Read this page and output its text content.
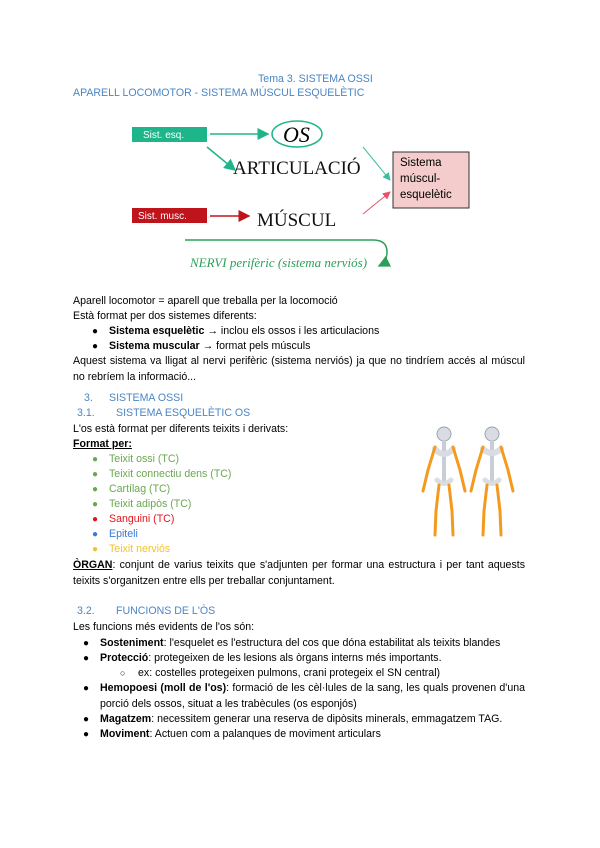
Tema 3. SISTEMA OSSI
APARELL LOCOMOTOR - SISTEMA MÚSCUL ESQUELÈTIC
Sist. esq.	OS
ARTICULACIÓ
Sist. musc.	MÚSCUL
Sistema
múscul-
esquelètic
NERVI perifèric (sistema nerviós)
Aparell locomotor = aparell que treballa per la locomoció
Està format per dos sistemes diferents:
● Sistema esquelètic → inclou els ossos i les articulacions
● Sistema muscular → format pels músculs
Aquest sistema va lligat al nervi perifèric (sistema nerviós) ja que no tindríem accés al múscul no rebríem la informació...
3. SISTEMA OSSI
3.1. SISTEMA ESQUELÈTIC OS
L'os està format per diferents teixits i derivats:
Format per:
● Teixit ossi (TC)
● Teixit connectiu dens (TC)
● Cartílag (TC)
● Teixit adipòs (TC)
● Sanguini (TC)
● Epiteli
● Teixit nerviós
ÒRGAN: conjunt de varius teixits que s'adjunten per formar una estructura i per tant aquests teixits s'organitzen entre ells per treballar conjuntament.
3.2. FUNCIONS DE L'ÒS
Les funcions més evidents de l'os són:
● Sosteniment: l'esquelet es l'estructura del cos que dóna estabilitat als teixits blandes
● Protecció: protegeixen de les lesions als òrgans interns més importants.
○ ex: costelles protegeixen pulmons, crani protegeix el SN central)
● Hemopoesi (moll de l'os): formació de les cèl·lules de la sang, les quals provenen d'una porció dels ossos, situat a les trabècules (os esponjós)
● Magatzem: necessitem generar una reserva de dipòsits minerals, emmagatzem TAG.
● Moviment: Actuen com a palanques de moviment articulars
